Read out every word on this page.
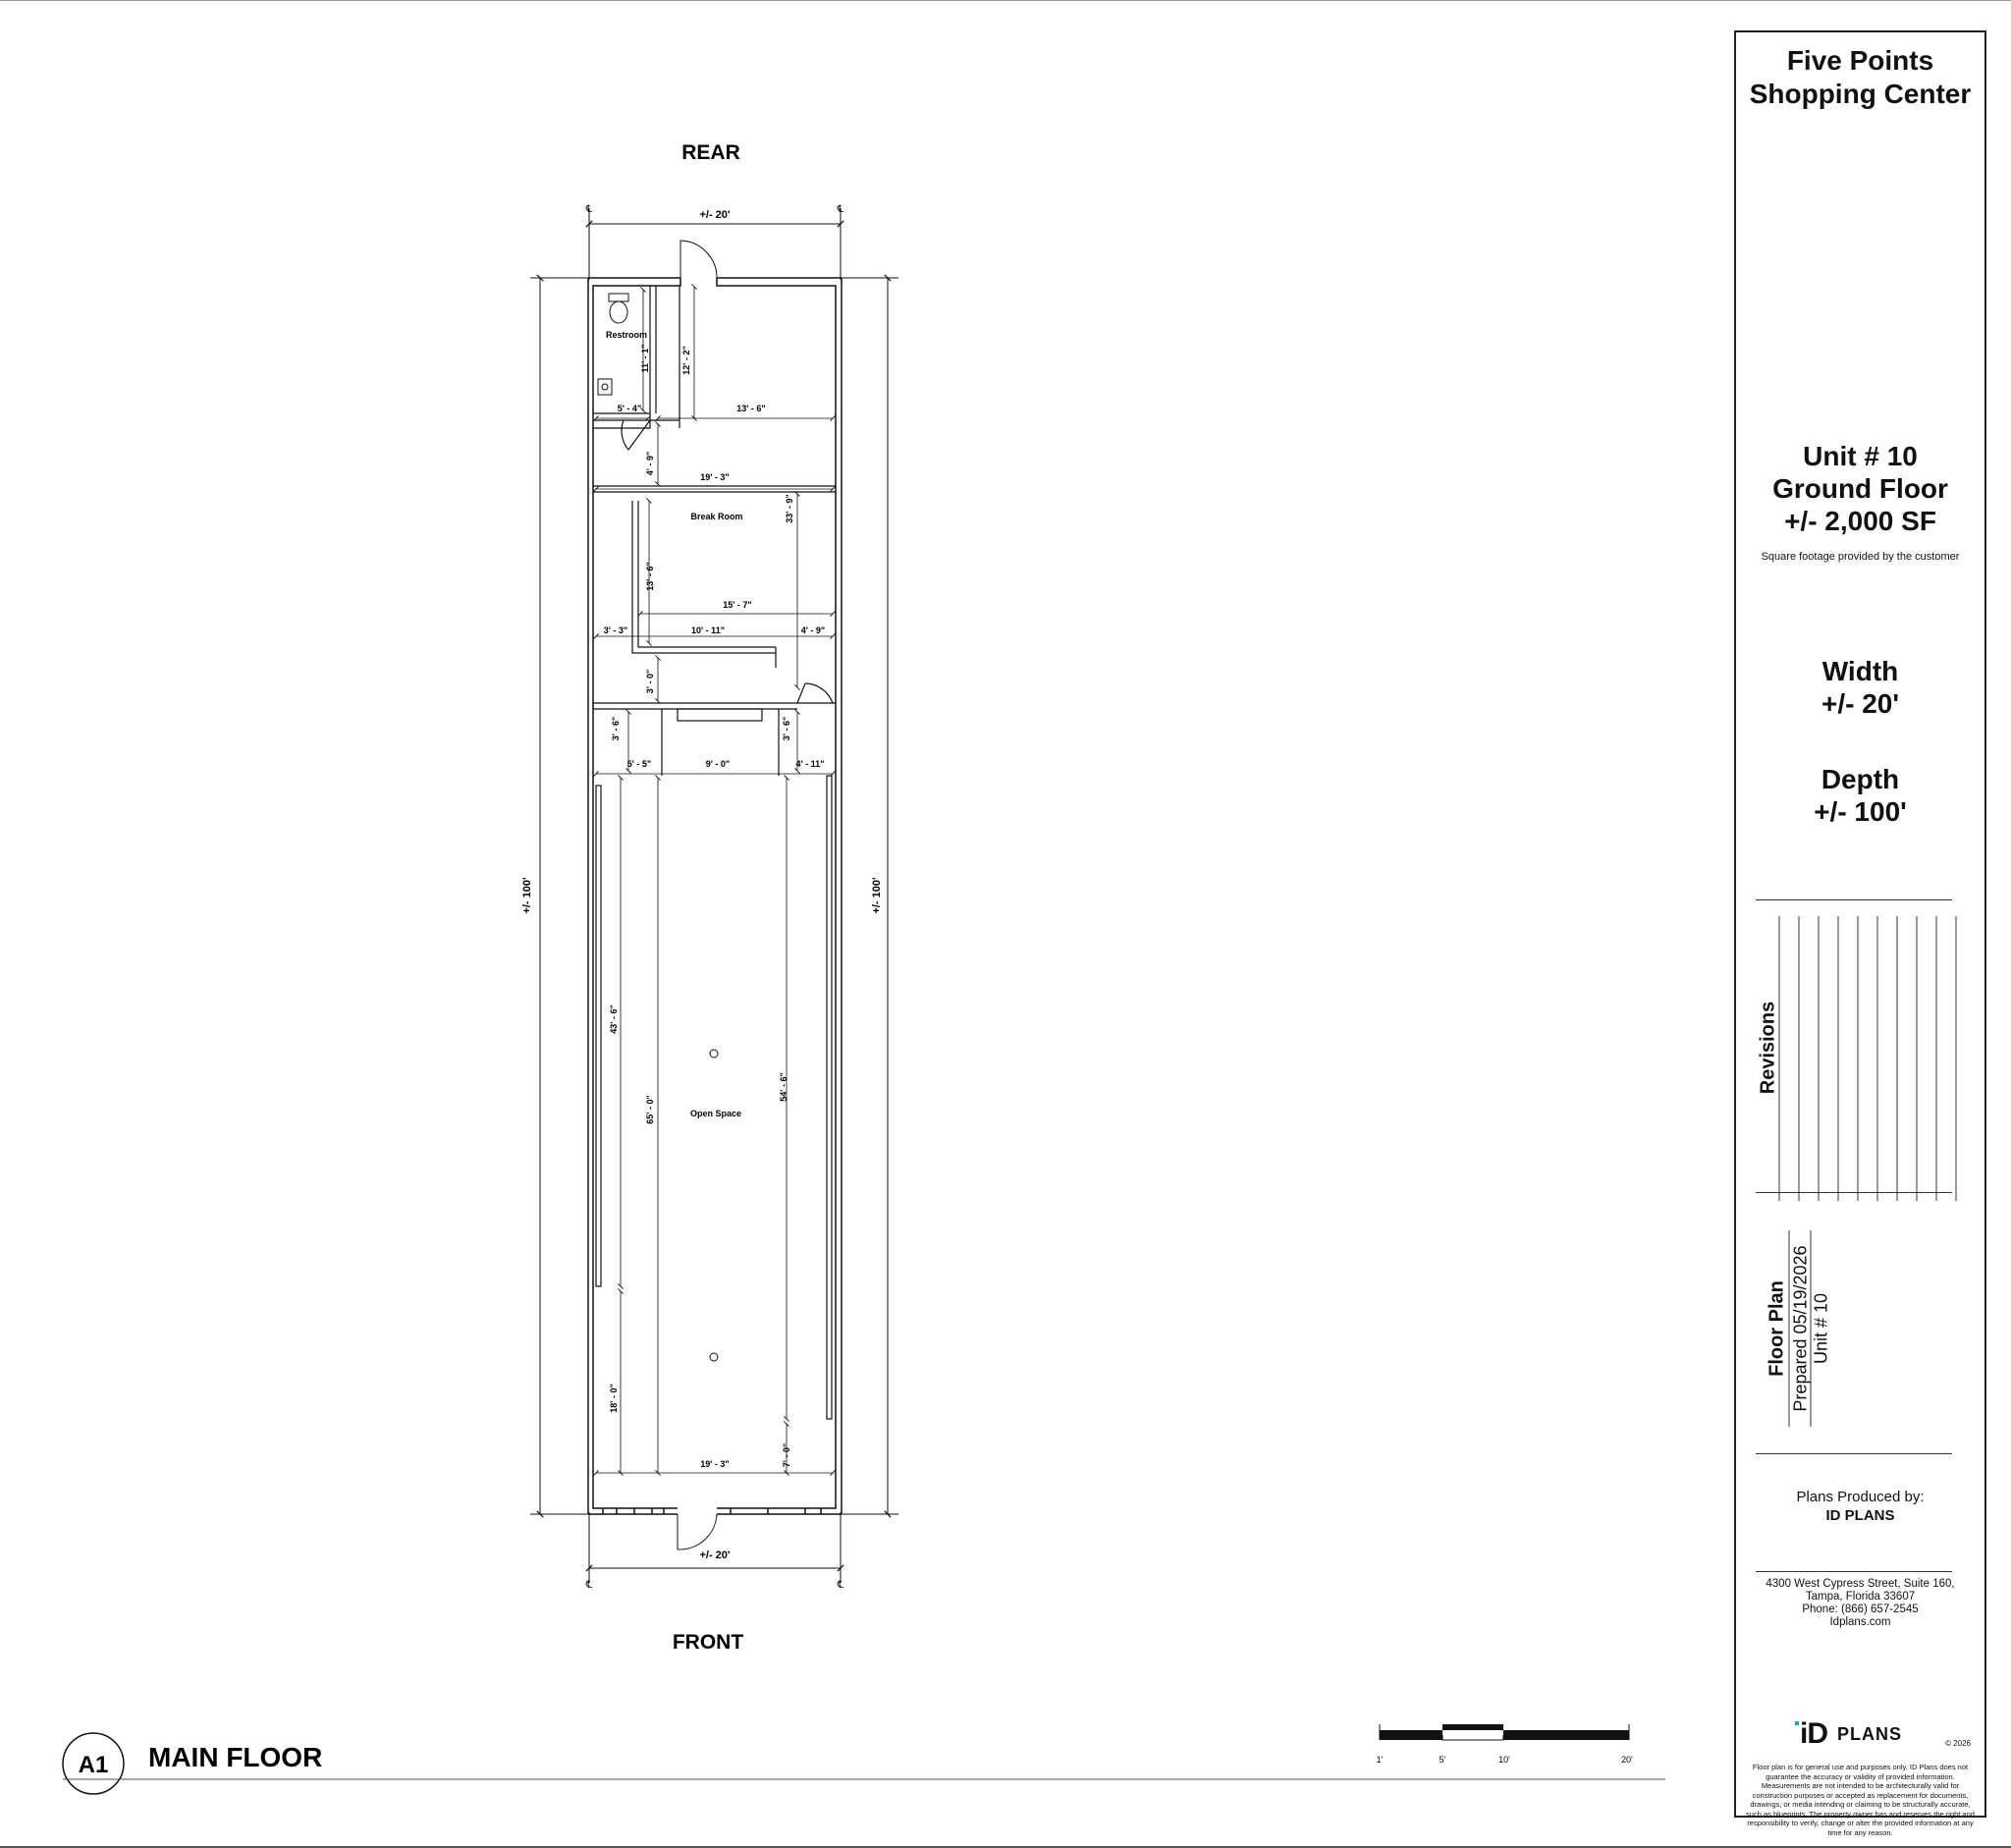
REAR
FRONT
+/- 20'
℄	℄
+/- 20'
℄	℄
+/- 100'	+/- 100'
Restroom
Break Room
Open Space
11' - 1"
5' - 4"
12' - 2"
13' - 6"
4' - 9"
19' - 3"
33' - 9"
13' - 6"
15' - 7"
3' - 3"	10' - 11"	4' - 9"
3' - 0"
3' - 6"	3' - 6"
5' - 5"	9' - 0"	4' - 11"
43' - 6"
65' - 0"
54' - 6"
18' - 0"
7' - 0"
19' - 3"
A1 MAIN FLOOR	1'	5'	10'	20'
Five Points
Shopping Center
Unit # 10
Ground Floor
+/- 2,000 SF
Square footage provided by the customer
Width
+/- 20'
Depth
+/- 100'
Revisions
Floor Plan Prepared 05/19/2026 Unit # 10
Plans Produced by:
ID PLANS
4300 West Cypress Street, Suite 160,
Tampa, Florida 33607
Phone: (866) 657-2545
Idplans.com
iD PLANS	© 2026
Floor plan is for general use and purposes only. ID Plans does not guarantee the accuracy or validity of provided information. Measurements are not intended to be architecturally valid for construction purposes or accepted as replacement for documents, drawings, or media intending or claiming to be structurally accurate, such as blueprints. The property owner has and reserves the right and responsibility to verify, change or alter the provided information at any time for any reason.
